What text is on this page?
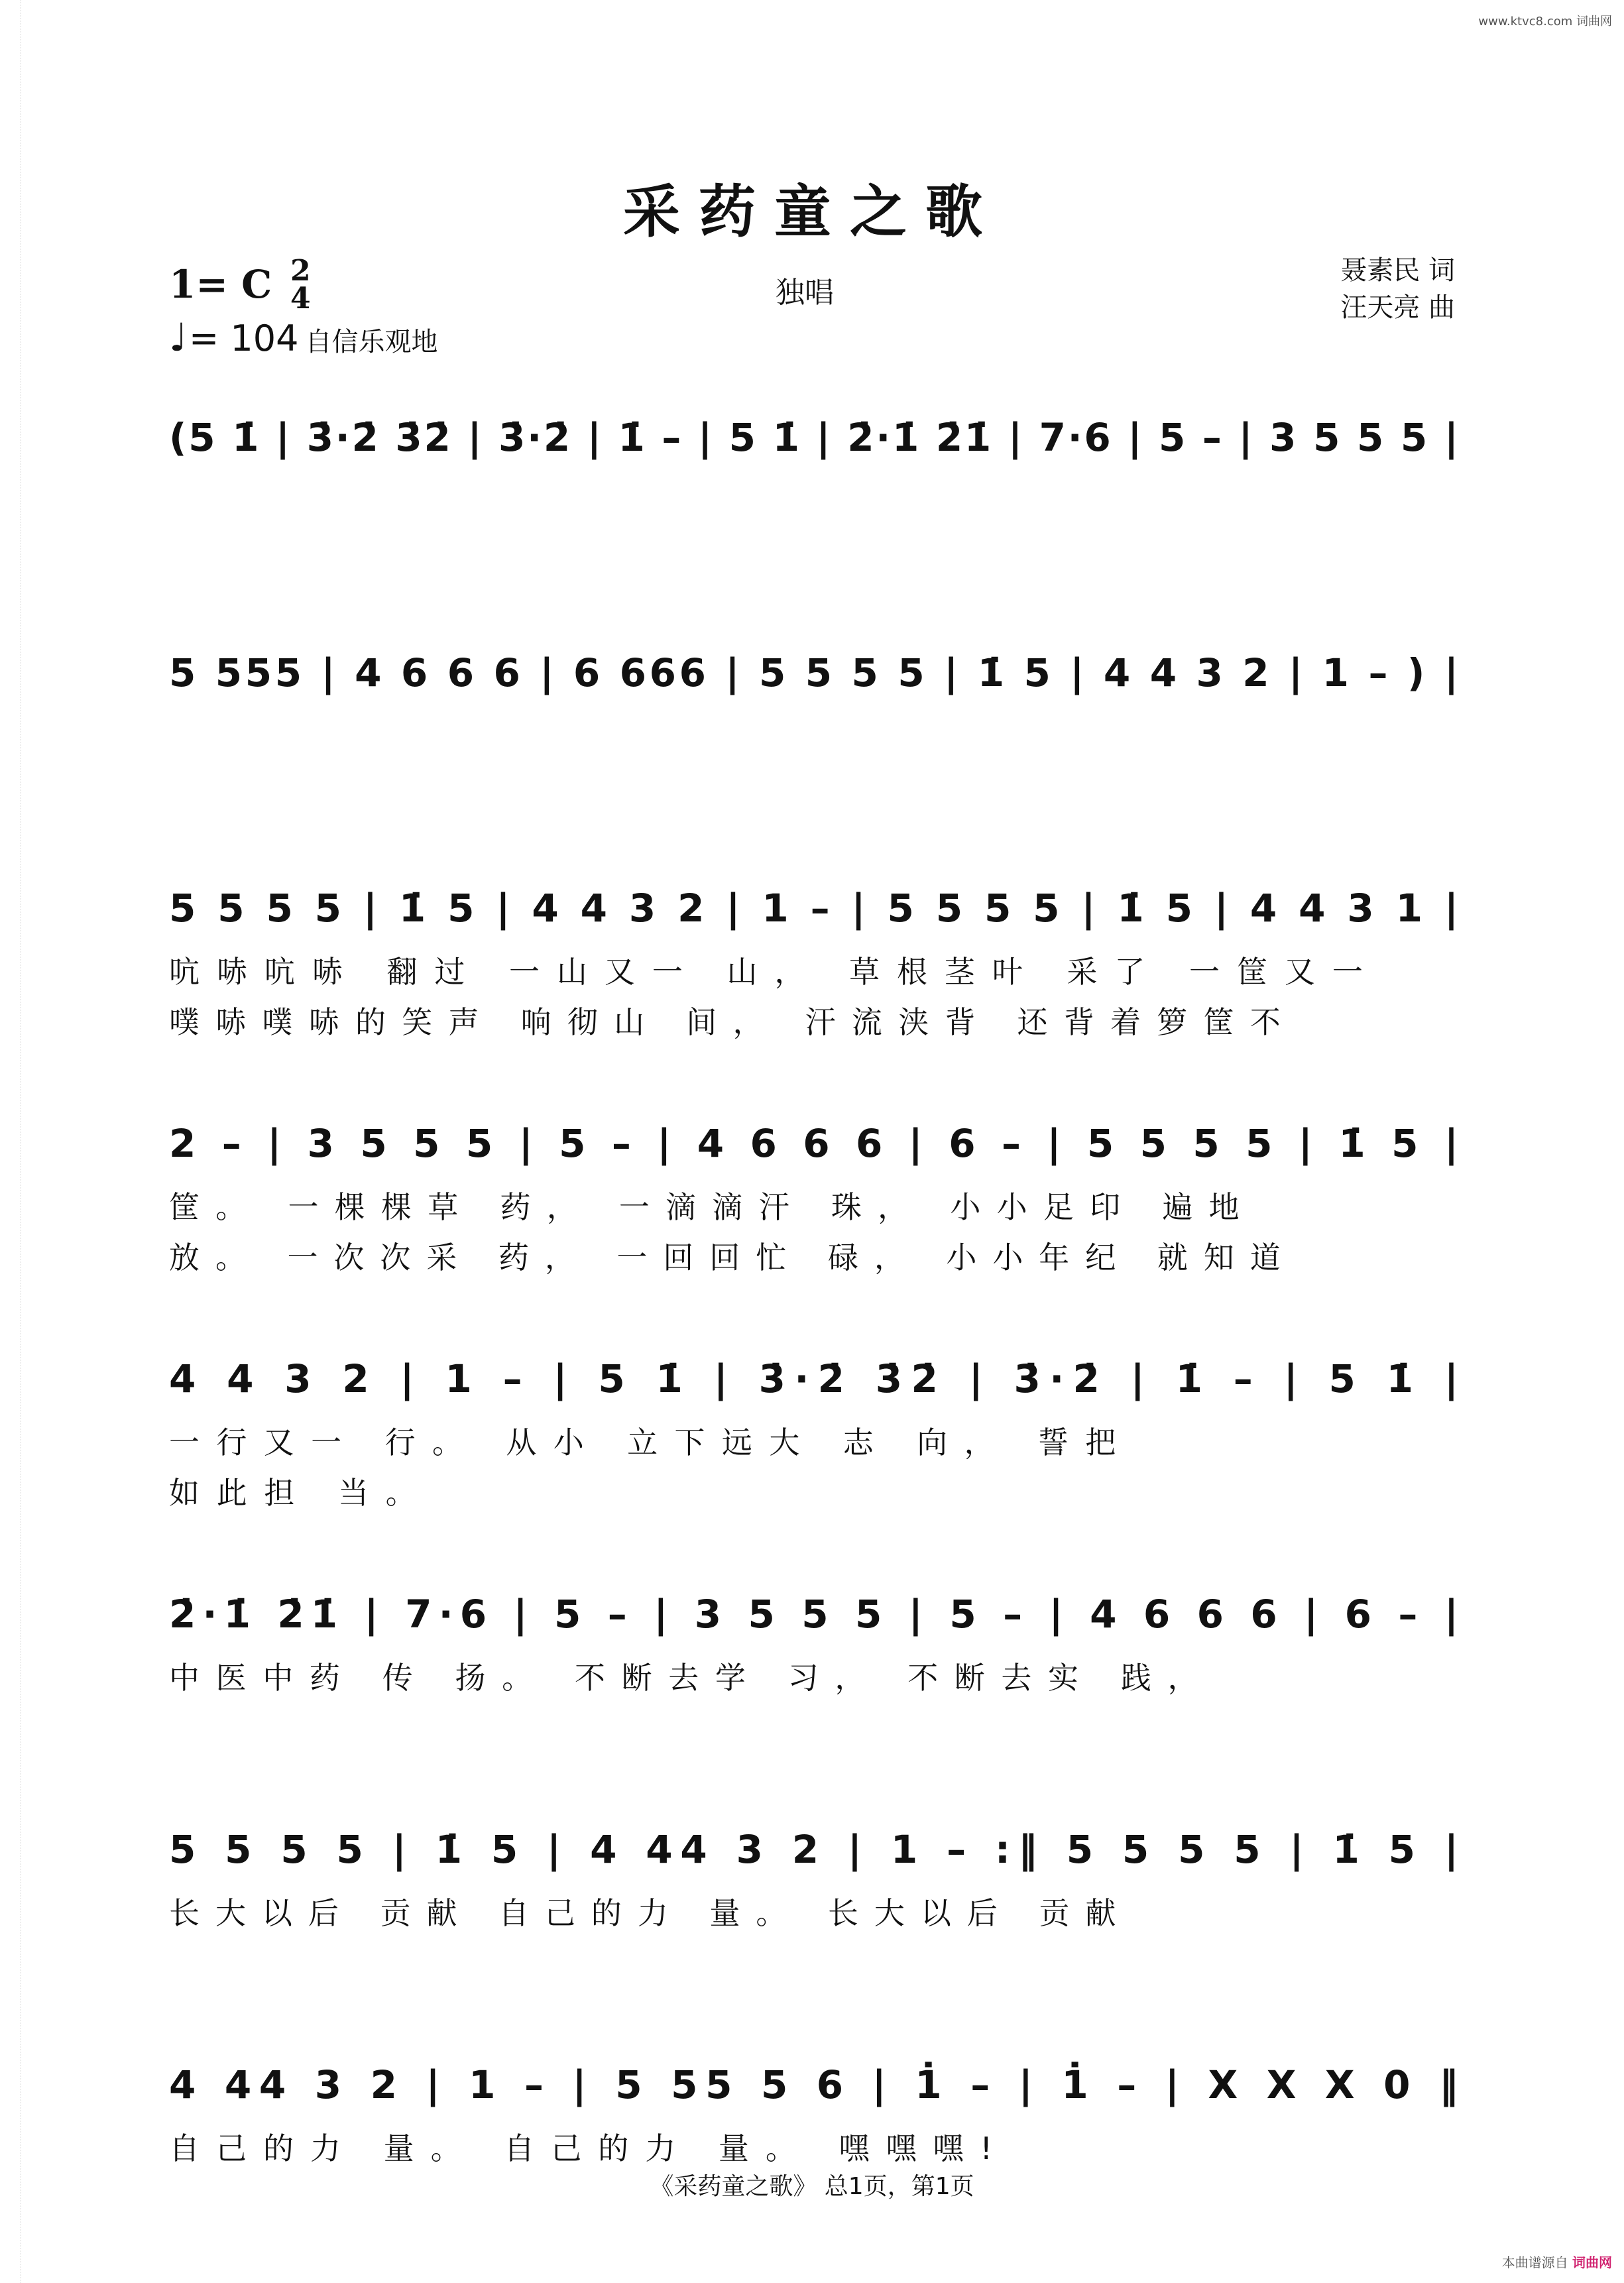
www.ktvc8.com 词曲网
采药童之歌
1= C 2
4
♩= 104 自信乐观地
独唱
聂素民 词
汪天亮 曲
(5 1̇ | 3̇·2̇ 3̇2̇ | 3̇·2̇ | 1̇ – | 5 1̇ | 2̇·1̇ 2̇1̇ | 7·6 | 5 – | 3 5 5 5 |
5 555 | 4 6 6 6 | 6 666 | 5 5 5 5 | 1̇ 5 | 4 4 3 2 | 1 – ) |
5 5 5 5 | 1̇ 5 | 4 4 3 2 | 1 – | 5 5 5 5 | 1̇ 5 | 4 4 3 1 |
吭哧吭哧 翻过 一山又一 山， 草根茎叶 采了 一筐又一
噗哧噗哧的笑声 响彻山 间， 汗流浃背 还背着箩筐不
2 – | 3 5 5 5 | 5 – | 4 6 6 6 | 6 – | 5 5 5 5 | 1̇ 5 |
筐。 一棵棵草 药， 一滴滴汗 珠， 小小足印 遍地
放。 一次次采 药， 一回回忙 碌， 小小年纪 就知道
4 4 3 2 | 1 – | 5 1̇ | 3̇·2̇ 3̇2̇ | 3̇·2̇ | 1̇ – | 5 1̇ |
一行又一 行。 从小 立下远大 志 向， 誓把
如此担 当。
2̇·1̇ 2̇1̇ | 7·6 | 5 – | 3 5 5 5 | 5 – | 4 6 6 6 | 6 – |
中医中药 传 扬。 不断去学 习， 不断去实 践，
5 5 5 5 | 1̇ 5 | 4 44 3 2 | 1 – :‖ 5 5 5 5 | 1̇ 5 |
长大以后 贡献 自己的力 量。 长大以后 贡献
4 44 3 2 | 1 – | 5 55 5 6 | 1̇ – | 1̇ – | X X X 0 ‖
自己的力 量。 自己的力 量。 嘿嘿嘿!
《采药童之歌》 总1页，第1页
本曲谱源自 词曲网
